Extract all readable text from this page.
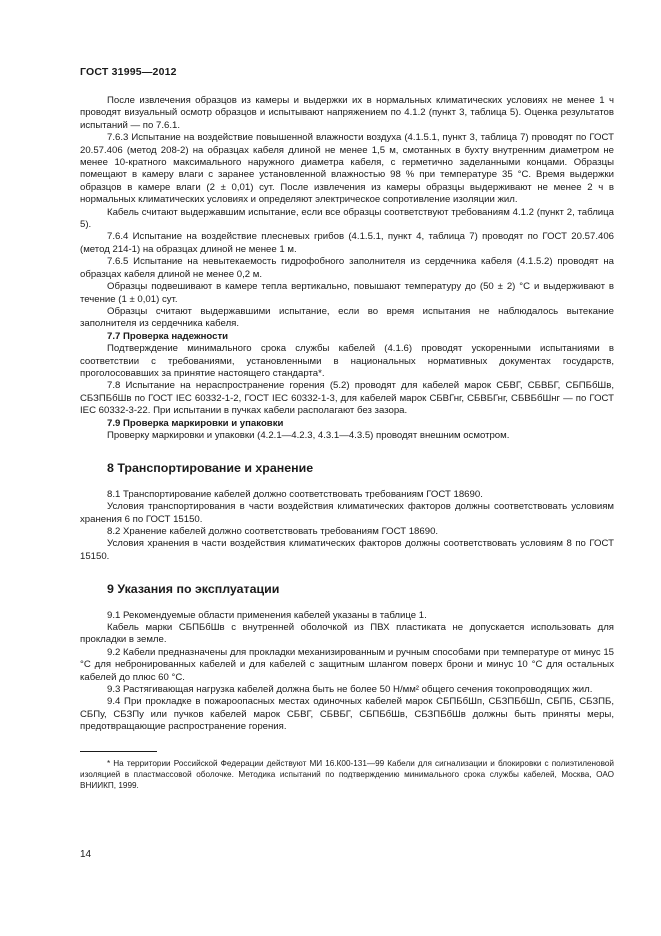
ГОСТ 31995—2012

После извлечения образцов из камеры и выдержки их в нормальных климатических условиях не менее 1 ч проводят визуальный осмотр образцов и испытывают напряжением по 4.1.2 (пункт 3, таблица 5). Оценка результатов испытаний — по 7.6.1.

7.6.3 Испытание на воздействие повышенной влажности воздуха (4.1.5.1, пункт 3, таблица 7) проводят по ГОСТ 20.57.406 (метод 208-2) на образцах кабеля длиной не менее 1,5 м, смотанных в бухту внутренним диаметром не менее 10-кратного максимального наружного диаметра кабеля, с герметично заделанными концами. Образцы помещают в камеру влаги с заранее установленной влажностью 98 % при температуре 35 °С. Время выдержки образцов в камере влаги (2 ± 0,01) сут. После извлечения из камеры образцы выдерживают не менее 2 ч в нормальных климатических условиях и определяют электрическое сопротивление изоляции жил.

Кабель считают выдержавшим испытание, если все образцы соответствуют требованиям 4.1.2 (пункт 2, таблица 5).

7.6.4 Испытание на воздействие плесневых грибов (4.1.5.1, пункт 4, таблица 7) проводят по ГОСТ 20.57.406 (метод 214-1) на образцах длиной не менее 1 м.

7.6.5 Испытание на невытекаемость гидрофобного заполнителя из сердечника кабеля (4.1.5.2) проводят на образцах кабеля длиной не менее 0,2 м.

Образцы подвешивают в камере тепла вертикально, повышают температуру до (50 ± 2) °С и выдерживают в течение (1 ± 0,01) сут.

Образцы считают выдержавшими испытание, если во время испытания не наблюдалось вытекание заполнителя из сердечника кабеля.

7.7 Проверка надежности

Подтверждение минимального срока службы кабелей (4.1.6) проводят ускоренными испытаниями в соответствии с требованиями, установленными в национальных нормативных документах государств, проголосовавших за принятие настоящего стандарта*.

7.8 Испытание на нераспространение горения (5.2) проводят для кабелей марок СБВГ, СБВБГ, СБПБбШв, СБЗПБбШв по ГОСТ IEC 60332-1-2, ГОСТ IEC 60332-1-3, для кабелей марок СБВГнг, СБВБГнг, СБВБбШнг — по ГОСТ IEC 60332-3-22. При испытании в пучках кабели располагают без зазора.

7.9 Проверка маркировки и упаковки

Проверку маркировки и упаковки (4.2.1—4.2.3, 4.3.1—4.3.5) проводят внешним осмотром.

8 Транспортирование и хранение

8.1 Транспортирование кабелей должно соответствовать требованиям ГОСТ 18690.

Условия транспортирования в части воздействия климатических факторов должны соответствовать условиям хранения 6 по ГОСТ 15150.

8.2 Хранение кабелей должно соответствовать требованиям ГОСТ 18690.

Условия хранения в части воздействия климатических факторов должны соответствовать условиям 8 по ГОСТ 15150.

9 Указания по эксплуатации

9.1 Рекомендуемые области применения кабелей указаны в таблице 1.

Кабель марки СБПБбШв с внутренней оболочкой из ПВХ пластиката не допускается использовать для прокладки в земле.

9.2 Кабели предназначены для прокладки механизированным и ручным способами при температуре от минус 15 °С для небронированных кабелей и для кабелей с защитным шлангом поверх брони и минус 10 °С для остальных кабелей до плюс 60 °С.

9.3 Растягивающая нагрузка кабелей должна быть не более 50 Н/мм² общего сечения токопроводящих жил.

9.4 При прокладке в пожароопасных местах одиночных кабелей марок СБПБбШп, СБЗПБбШп, СБПБ, СБЗПБ, СБПу, СБЗПу или пучков кабелей марок СБВГ, СБВБГ, СБПБбШв, СБЗПБбШв должны быть приняты меры, предотвращающие распространение горения.

* На территории Российской Федерации действуют МИ 16.К00-131—99 Кабели для сигнализации и блокировки с полиэтиленовой изоляцией в пластмассовой оболочке. Методика испытаний по подтверждению минимального срока службы кабелей, Москва, ОАО ВНИИКП, 1999.

14
